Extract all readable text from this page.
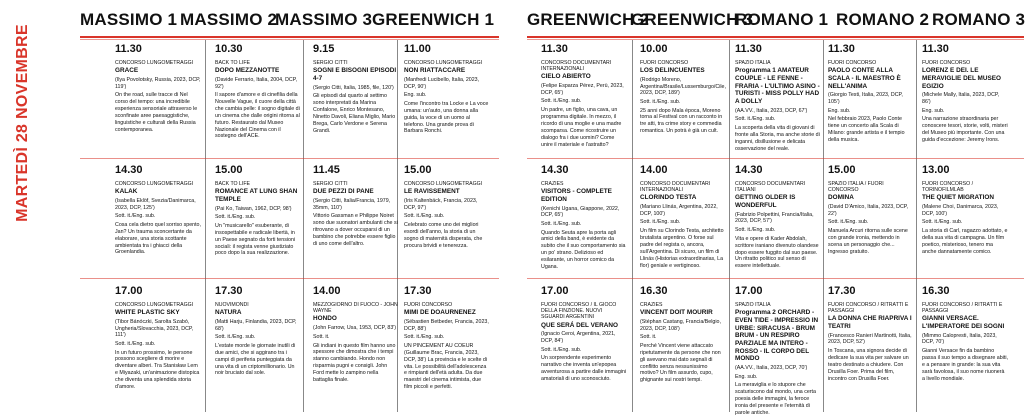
MARTEDÌ 28 NOVEMBRE
MASSIMO 1 MASSIMO 2
MASSIMO 3 GREENWICH 1 GREENWICH 2
GREENWICH 3
ROMANO 1 ROMANO 2 ROMANO 3
11.30
CONCORSO LUNGOMETRAGGI
GRACE
(Ilya Povolotsky, Russia, 2023, DCP, 119')
On the road, sulle tracce di Nel corso del tempo: una incredibile esperienza sensoriale attraverso le sconfinate aree paesaggistiche, linguistiche e culturali della Russia contemporanea.
10.30
BACK TO LIFE
DOPO MEZZANOTTE
(Davide Ferrario, Italia, 2004, DCP, 92')
Il sapore d'amore e di cinefilia della Nouvelle Vague, il cuore della città che cambia pelle: il sogno digitale di un cinema che dalle origini ritorna al futuro. Restaurato dal Museo Nazionale del Cinema con il sostegno dell'ACE.
9.15
SERGIO CITTI
SOGNI E BISOGNI EPISODI 4-7
(Sergio Citti, Italia, 1985, file, 120')
Gli episodi dal quarto al settimo sono interpretati da Marina Confalone, Enrico Montesano, Ninetto Davoli, Eliana Miglio, Mario Brega, Carlo Verdone e Serena Grandi.
11.00
CONCORSO LUNGOMETRAGGI
NON RIATTACCARE
(Manfredi Lucibello, Italia, 2023, DCP, 90')
Eng. sub.
Come l'incontro tra Locke e La voce umana: un'auto, una donna alla guida, la voce di un uomo al telefono. Una grande prova di Barbara Ronchi.
11.30
CONCORSO DOCUMENTARI INTERNAZIONALI
CIELO ABIERTO
(Felipe Esparza Pérez, Perù, 2023, DCP, 65')
Sott. it./Eng. sub.
Un padre, un figlio, una cava, un programma digitale. In mezzo, il ricordo di una moglie e una madre scomparsa. Come ricostruire un dialogo fra i due uomini? Come unire il materiale e l'astratto?
10.00
FUORI CONCORSO
LOS DELINCUENTES
(Rodrigo Moreno, Argentina/Brasile/Lussemburgo/Cile, 2023, DCP, 189')
Sott. it./Eng. sub.
25 anni dopo Mala época, Moreno torna al Festival con un racconto in tre atti, tra crime story e commedia romantica. Un potrà è già un cult.
11.30
SPAZIO ITALIA
Programma 1 AMATEUR COUPLE - LE FENNE - FRARIA - L'ULTIMO ASINO - TURISTI - MISS POLLY HAD A DOLLY
(AA.VV., Italia, 2023, DCP, 67')
Sott. it./Eng. sub.
La scoperta della vita di giovani di fronte alla Storia, ma anche storie di inganni, disillusione e delicata osservazione del reale.
11.30
FUORI CONCORSO
PAOLO CONTE ALLA SCALA - IL MAESTRO È NELL'ANIMA
(Giorgio Testi, Italia, 2023, DCP, 105')
Eng. sub.
Nel febbraio 2023, Paolo Conte tiene un concerto alla Scala di Milano: grande artista e il tempio della musica.
11.30
FUORI CONCORSO
LORENZ E DEI. LE MERAVIGLIE DEL MUSEO EGIZIO
(Michele Mally, Italia, 2023, DCP, 86')
Eng. sub.
Una narrazione straordinaria per conoscere tesori, storie, volti, misteri del Museo più importante. Con una guida d'eccezione: Jeremy Irons.
14.30
CONCORSO LUNGOMETRAGGI
KALAK
(Isabella Eklöf, Svezia/Danimarca, 2023, DCP, 125')
Sott. it./Eng. sub.
Cosa cela dietro quel sorriso spento, Jan? Un trauma sconcertante da elaborare, una storia scottante ambientata tra i ghiacci della Groenlandia.
15.00
BACK TO LIFE
ROMANCE AT LUNG SHAN TEMPLE
(Pai Ko, Taiwan, 1962, DCP, 98')
Sott. it./Eng. sub.
Un "musicarello" esuberante, di insospettabile e radicale libertà, in un Paese segnato da forti tensioni sociali: il regista venne giustiziato poco dopo la sua realizzazione.
11.45
SERGIO CITTI
DUE PEZZI DI PANE
(Sergio Citti, Italia/Francia, 1979, 35mm, 110')
Vittorio Gassman e Philippe Noiret sono due suonatori ambulanti che si ritrovano a dover occuparsi di un bambino che potrebbe essere figlio di uno come dell'altro.
15.00
CONCORSO LUNGOMETRAGGI
LE RAVISSEMENT
(Iris Kaltenbäck, Francia, 2023, DCP, 97')
Sott. it./Eng. sub.
Celebrato come uno dei migliori esordi dell'anno, la storia di un sogno di maternità disperata, che procura brividi e tenerezza.
14.30
CRAZIES
VISITORS - COMPLETE EDITION
(Kenichi Ugana, Giappone, 2022, DCP, 65')
Sott. it./Eng. sub.
Quando Seuta apre la porta agli amici della band, è evidente da subito che il suo comportamento sia un po' strano. Delizioso ed esilarante, un horror comico da Ugana.
14.00
CONCORSO DOCUMENTARI INTERNAZIONALI
CLORINDO TESTA
(Mariano Llinás, Argentina, 2022, DCP, 100')
Sott. it./Eng. sub.
Un film su Clorindo Testa, architetto brutalista argentino. O forse sul padre del regista o, ancora, sull'Argentina. Di sicuro, un film di Llinás (Historias extraordinarias, La flor) geniale e vertiginoso.
14.30
CONCORSO DOCUMENTARI ITALIANI
GETTING OLDER IS WONDERFUL
(Fabrizio Polpettini, Francia/Italia, 2023, DCP, 57')
Sott. it./Eng. sub.
Vita e opere di Kader Abdolah, scrittore iraniano divenuto olandese dopo essere fuggito dal suo paese. Un ritratto politico sul senso di essere intellettuale.
15.00
SPAZIO ITALIA / FUORI CONCORSO
DOMINA
(David D'Amico, Italia, 2023, DCP, 22')
Sott. it./Eng. sub.
Manuela Arcuri ritorna sulle scene con grande ironia, mettendo in scena un personaggio che... Ingresso gratuito.
13.00
FUORI CONCORSO / TORINOFILMLAB
THE QUIET MIGRATION
(Malene Choi, Danimarca, 2023, DCP, 100')
Sott. it./Eng. sub.
La storia di Carl, ragazzo adottato, e della sua vita di campagna. Un film poetico, misterioso, tenero ma anche dannatamente comico.
17.00
CONCORSO LUNGOMETRAGGI
WHITE PLASTIC SKY
(Tibor Bánóczki, Sarolta Szabó, Ungheria/Slovacchia, 2023, DCP, 111')
Sott. it./Eng. sub.
In un futuro prossimo, le persone possono scegliere di morire e diventare alberi. Tra Stanisław Lem e Miyazaki, un'animazione distopica che diventa una splendida storia d'amore.
17.30
NUOVIMONDI
NATURA
(Matti Harju, Finlandia, 2023, DCP, 68')
Sott. it./Eng. sub.
L'estate morde le giornate inutili di due amici, che si aggirano tra i campi di periferia punteggiata da una vita di un criptomillionario. Un noir bruciato dal sole.
14.00
MEZZOGIORNO DI FUOCO - JOHN WAYNE
HONDO
(John Farrow, Usa, 1953, DCP, 83')
Sott. it.
Gli indiani in questo film hanno uno spessore che dimostra che i tempi stanno cambiando. Hondo non risparmia pugni e consigli. John Ford mette lo zampino nella battaglia finale.
17.30
FUORI CONCORSO
MIMI DE DOAURNENEZ
(Sébastien Betbeder, Francia, 2023, DCP, 88')
Sott. it./Eng. sub.
UN PINCEMENT AU COEUR (Guillaume Brac, Francia, 2023, DCP, 38') La provincia e le scelte di vita. Le possibilità dell'adolescenza e rimpianti dell'età adulta. Da due maestri del cinema intimista, due film piccoli e perfetti.
17.00
FUORI CONCORSO / IL GIOCO DELLA FINZIONE. NUOVI SGUARDI ARGENTINI
QUE SERÁ DEL VERANO
(Ignacio Ceroi, Argentina, 2021, DCP, 84')
Sott. it./Eng. sub.
Un sorprendente esperimento narrativo che inventa un'epopea avventurosa a partire dalle immagini amatoriali di uno sconosciuto.
16.30
CRAZIES
VINCENT DOIT MOURIR
(Stéphan Castang, Francia/Belgio, 2023, DCP, 108')
Sott. it.
Perché Vincent viene attaccato ripetutamente da persone che non gli avevano mai dato segnali di conflitto senza nessunissimo motivo? Un film assurdo, cupo, ghignante sui nostri tempi.
17.00
SPAZIO ITALIA
Programma 2 ORCHARD - EVEN TIDE - IMPRESSIO IN URBE: SIRACUSA - BRUM BRUM - UN RESPIRO PARZIALE MA INTERO - ROSSO - IL CORPO DEL MONDO
(AA.VV., Italia, 2023, DCP, 70')
Eng. sub.
La meraviglia e lo stupore che scaturiscono dal mondo, una certa poesia delle immagini, la feroce ironia del presente e l'eternità di parole antiche.
17.30
FUORI CONCORSO / RITRATTI E PASSAGGI
LA DONNA CHE RIAPRIVA I TEATRI
(Francesco Ranieri Martinotti, Italia, 2023, DCP, 52')
In Toscana, una signora decide di dedicare la sua vita per salvare un teatro destinato a chiudere. Con Drusilla Foer. Prima del film, incontro con Drusilla Foer.
16.30
FUORI CONCORSO / RITRATTI E PASSAGGI
GIANNI VERSACE. L'IMPERATORE DEI SOGNI
(Mimmo Calopresti, Italia, 2023, DCP, 70')
Gianni Versace fin da bambino passa il suo tempo a disegnare abiti, e a pensare in grande: la sua vita sarà favolosa, il suo nome riuonerà a livello mondiale.
